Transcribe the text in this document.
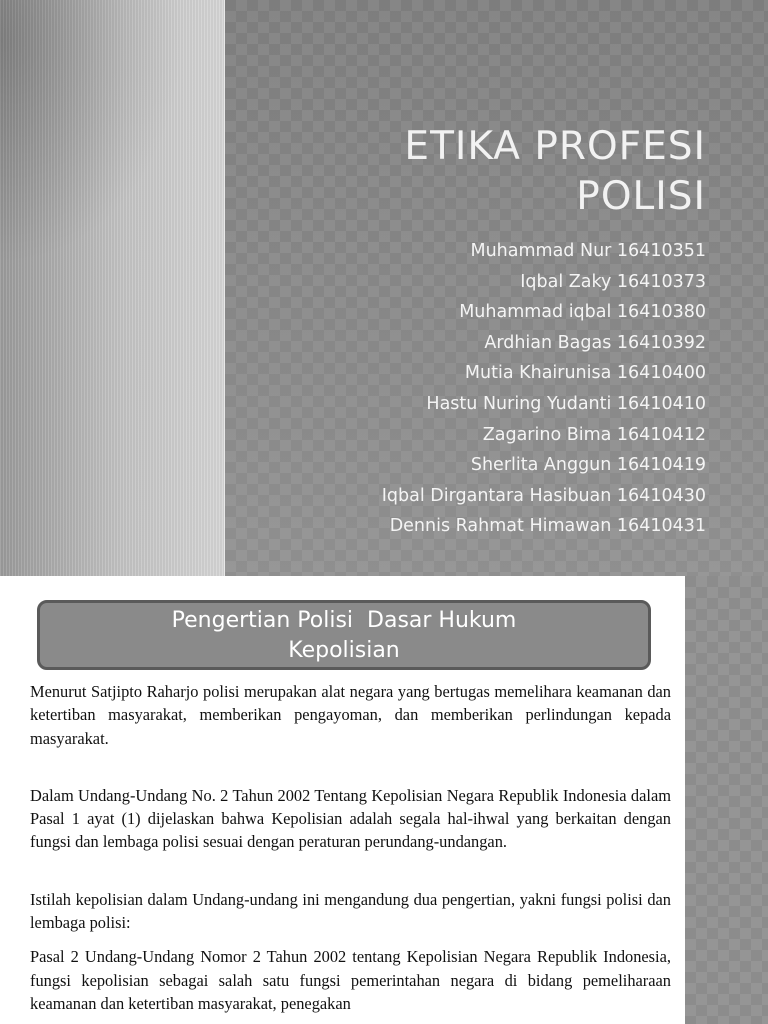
ETIKA PROFESI
POLISI
Muhammad Nur 16410351
Iqbal Zaky 16410373
Muhammad iqbal 16410380
Ardhian Bagas 16410392
Mutia Khairunisa 16410400
Hastu Nuring Yudanti 16410410
Zagarino Bima 16410412
Sherlita Anggun 16410419
Iqbal Dirgantara Hasibuan 16410430
Dennis Rahmat Himawan 16410431
Pengertian Polisi  Dasar Hukum
Kepolisian

Menurut Satjipto Raharjo polisi merupakan alat negara yang bertugas memelihara keamanan dan ketertiban masyarakat, memberikan pengayoman, dan memberikan perlindungan kepada masyarakat.

Dalam Undang-Undang No. 2 Tahun 2002 Tentang Kepolisian Negara Republik Indonesia dalam Pasal 1 ayat (1) dijelaskan bahwa Kepolisian adalah segala hal-ihwal yang berkaitan dengan fungsi dan lembaga polisi sesuai dengan peraturan perundang-undangan.

Istilah kepolisian dalam Undang-undang ini mengandung dua pengertian, yakni fungsi polisi dan lembaga polisi:

Pasal 2 Undang-Undang Nomor 2 Tahun 2002 tentang Kepolisian Negara Republik Indonesia, fungsi kepolisian sebagai salah satu fungsi pemerintahan negara di bidang pemeliharaan keamanan dan ketertiban masyarakat, penegakan
